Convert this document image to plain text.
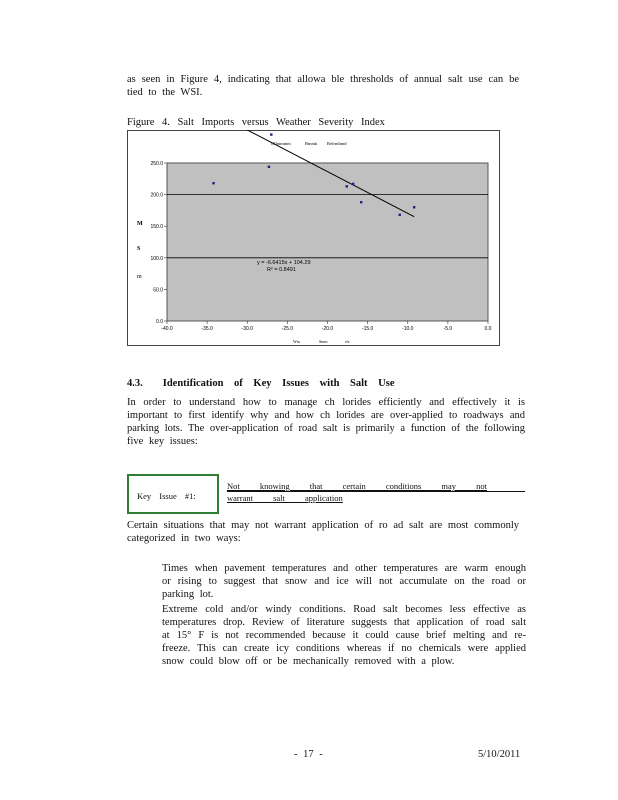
as seen in Figure 4, indicating that allowa ble thresholds of annual salt use can be tied to the WSI.
Figure 4. Salt Imports versus Weather Severity Index
0.0
50.0
100.0
150.0
200.0
250.0
-40.0	-35.0	-30.0	-25.0	-20.0	-15.0	-10.0	-5.0	0.0
Ullmmmm	Bmmk Refrmhmd
Wm	Smm	rfx
M
S
m
y = -6.6415x + 104.29
R² = 0.8491
4.3. Identification of Key Issues with Salt Use
In order to understand how to manage ch lorides efficiently and effectively it is important to first identify why and how ch lorides are over-applied to roadways and parking lots. The over-application of road salt is primarily a function of the following five key issues:
Key Issue #1:
Not knowing that certain conditions may not warrant salt application
Certain situations that may not warrant application of ro ad salt are most commonly categorized in two ways:
Times when pavement temperatures and other temperatures are warm enough or rising to suggest that snow and ice will not accumulate on the road or parking lot.
Extreme cold and/or windy conditions. Road salt becomes less effective as temperatures drop. Review of literature suggests that application of road salt at 15° F is not recommended because it could cause brief melting and re-freeze. This can create icy conditions whereas if no chemicals were applied snow could blow off or be mechanically removed with a plow.
- 17 -	5/10/2011
